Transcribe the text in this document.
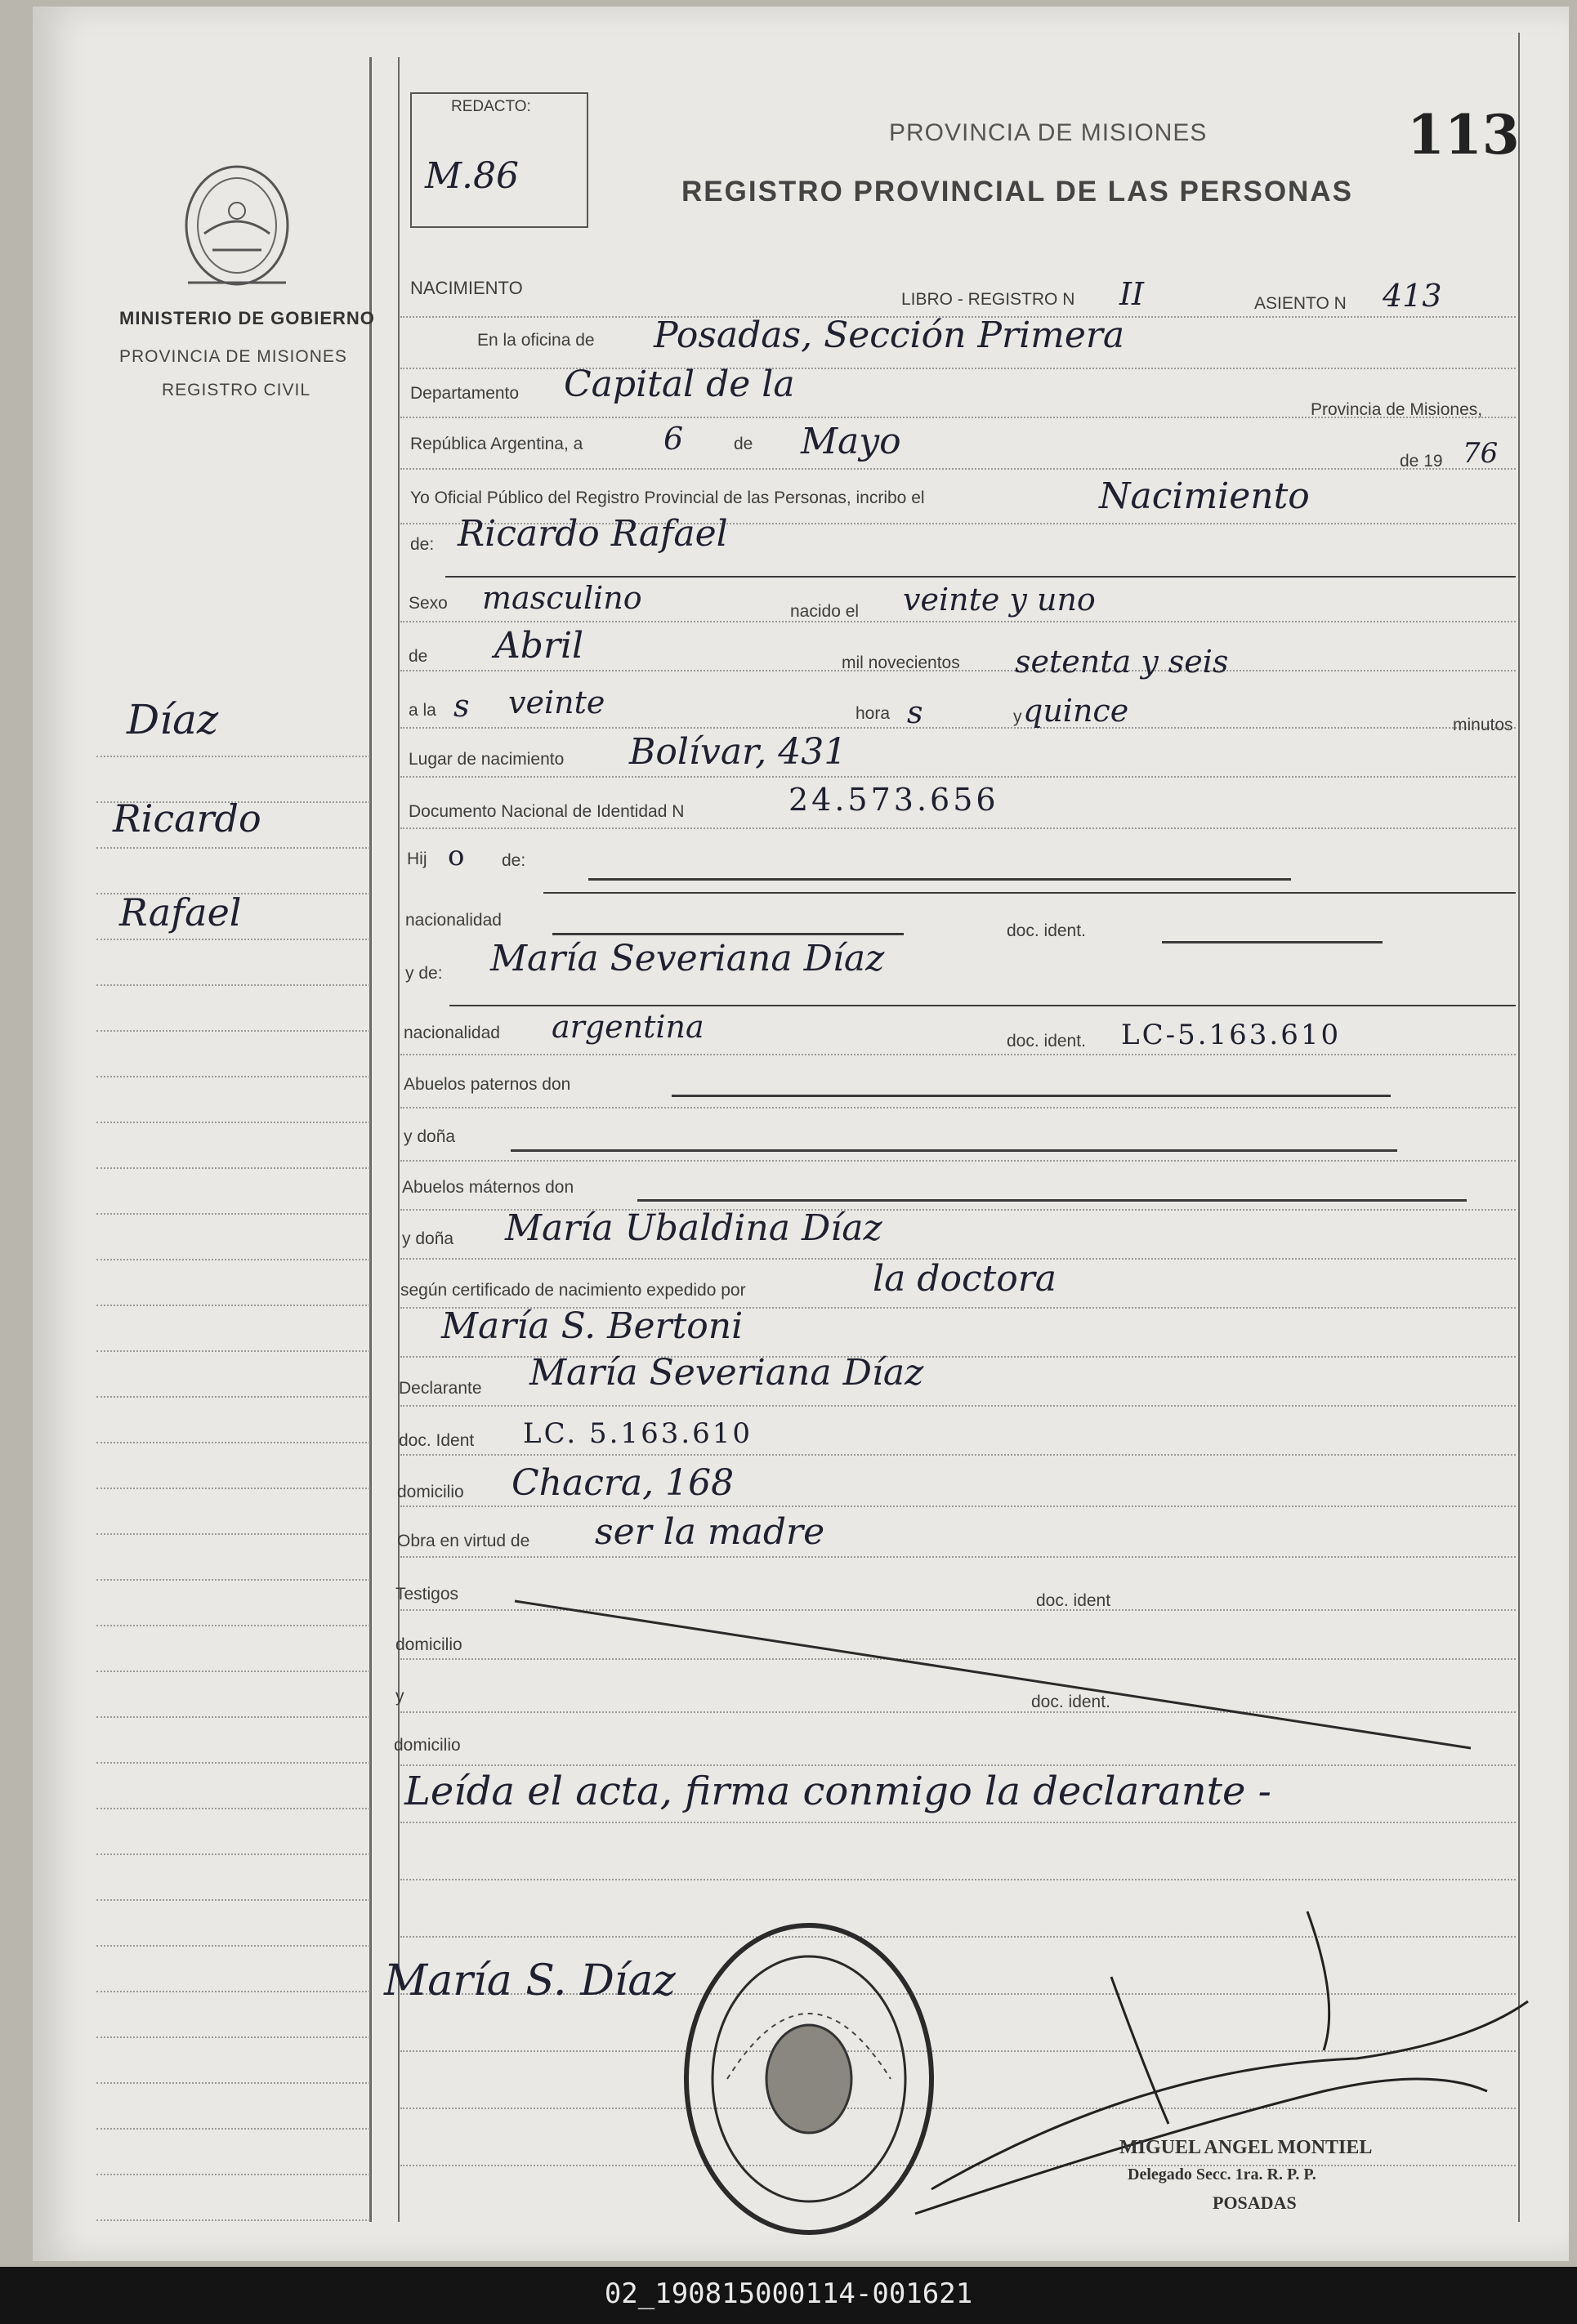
REDACTO:
M.86
PROVINCIA DE MISIONES
REGISTRO PROVINCIAL DE LAS PERSONAS
113
MINISTERIO DE GOBIERNO
PROVINCIA DE MISIONES
REGISTRO CIVIL
Díaz
Ricardo
Rafael
NACIMIENTO
LIBRO - REGISTRO N II	ASIENTO N 413
En la oficina de Posadas, Sección Primera
Departamento Capital de la
Provincia de Misiones,
República Argentina, a	6	de Mayo	de 19 76
Yo Oficial Público del Registro Provincial de las Personas, incribo el	Nacimiento
de: Ricardo Rafael
Sexo masculino	nacido el veinte y uno
de Abril	mil novecientos setenta y seis
a la s veinte	hora s	y quince	minutos
Lugar de nacimiento Bolívar, 431
Documento Nacional de Identidad N	24.573.656
Hij o de:
nacionalidad
doc. ident.
y de: María Severiana Díaz
nacionalidad argentina	doc. ident. LC-5.163.610
Abuelos paternos don
y doña
Abuelos máternos don
y doña María Ubaldina Díaz
según certificado de nacimiento expedido por	la doctora
María S. Bertoni
Declarante María Severiana Díaz
doc. Ident LC. 5.163.610
domicilio Chacra, 168
Obra en virtud de ser la madre
Testigos	doc. ident
domicilio
y	doc. ident.
domicilio
Leída el acta, firma conmigo la declarante -
María S. Díaz
MIGUEL ANGEL MONTIEL
Delegado Secc. 1ra. R. P. P.
POSADAS
02_190815000114-001621
